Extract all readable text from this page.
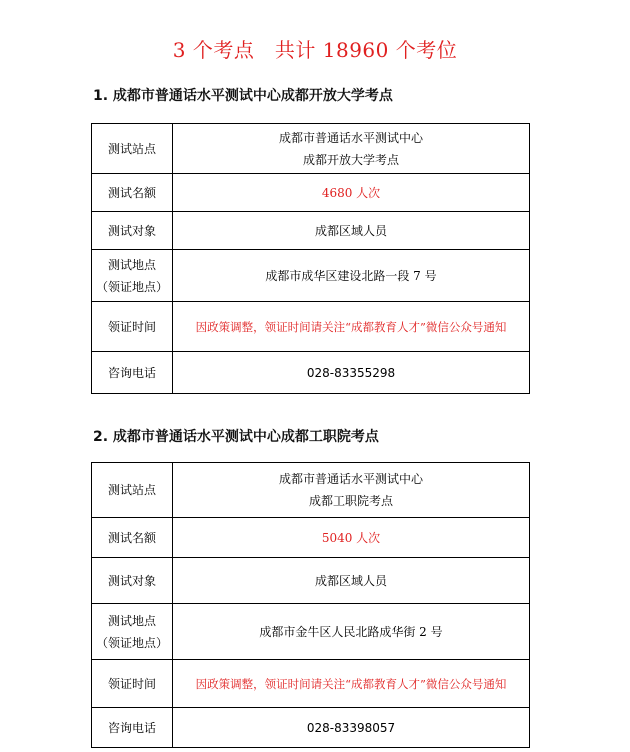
3 个考点   共计 18960 个考位
1. 成都市普通话水平测试中心成都开放大学考点
测试站点	成都市普通话水平测试中心
成都开放大学考点

测试名额	4680 人次
测试对象	成都区域人员

测试地点
（领证地点）	成都市成华区建设北路一段 7 号
领证时间	因政策调整，领证时间请关注“成都教育人才”微信公众号通知
咨询电话	028-83355298
2. 成都市普通话水平测试中心成都工职院考点
测试站点	成都市普通话水平测试中心
成都工职院考点

测试名额	5040 人次
测试对象	成都区域人员

测试地点
（领证地点）	成都市金牛区人民北路成华街 2 号
领证时间	因政策调整，领证时间请关注“成都教育人才”微信公众号通知
咨询电话	028-83398057
